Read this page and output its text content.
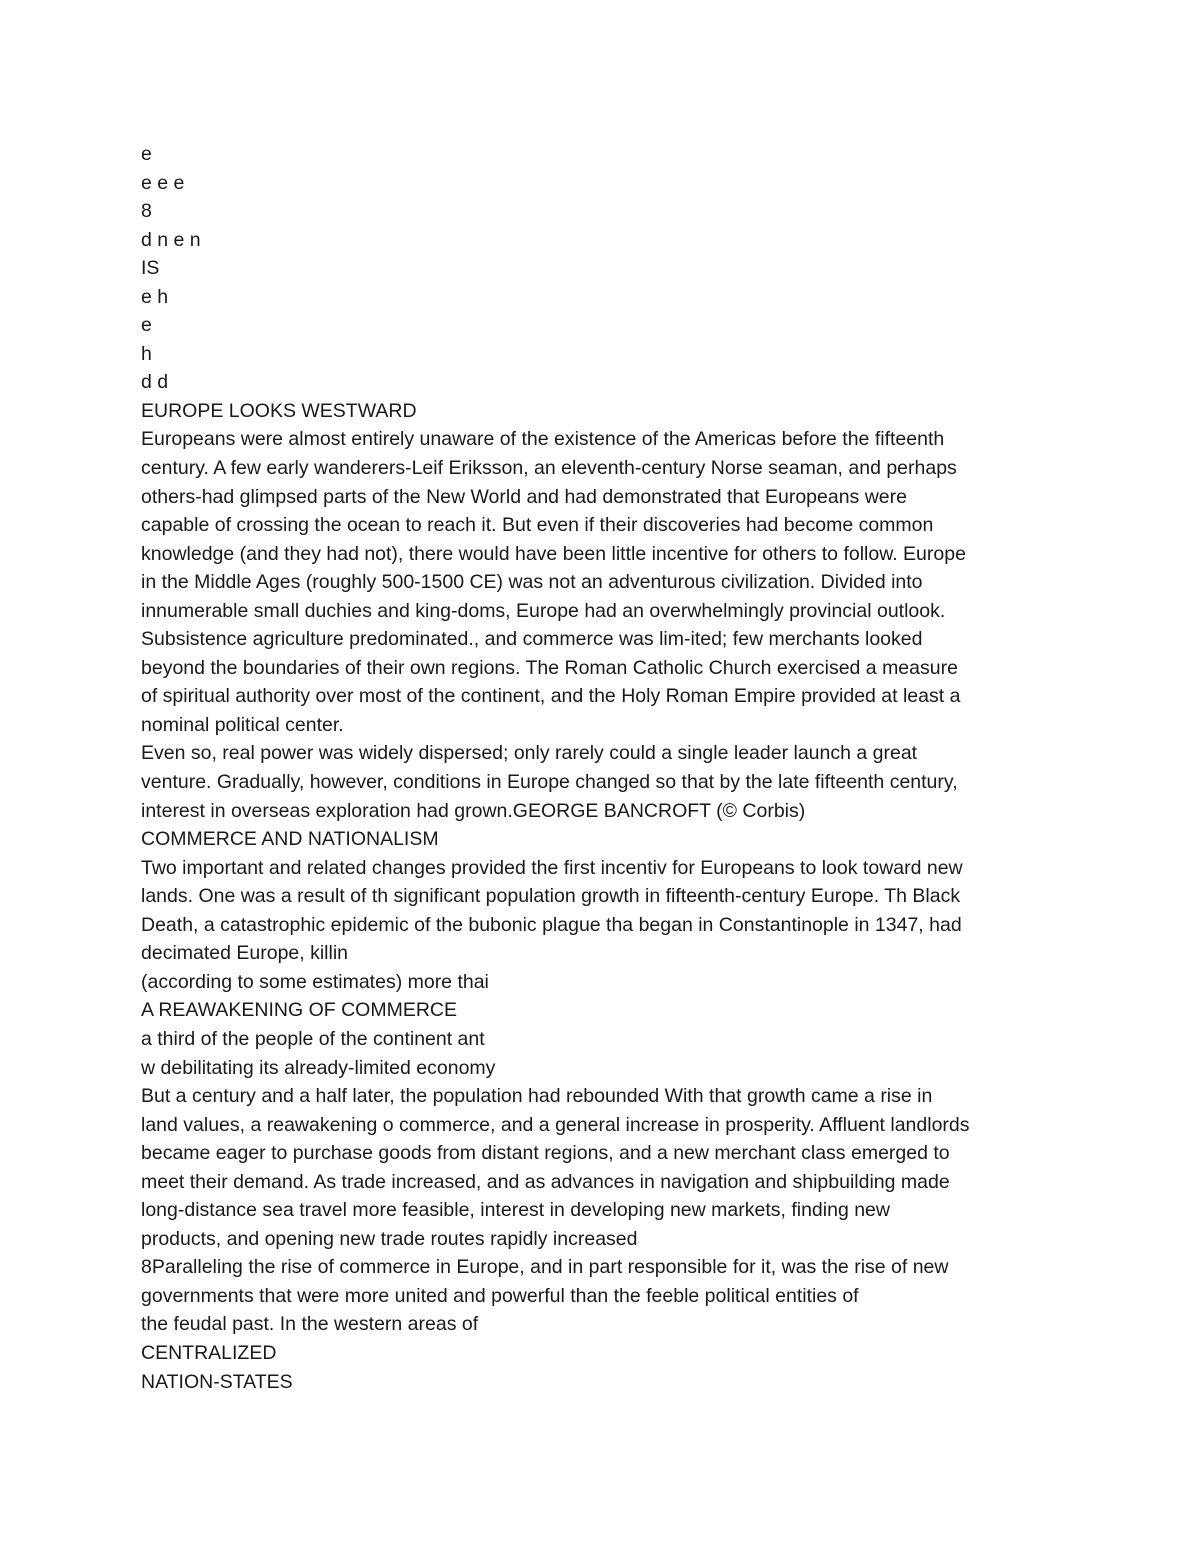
e
e e e
8
d n e n
IS
e h
e
h
d d
EUROPE LOOKS WESTWARD
Europeans were almost entirely unaware of the existence of the Americas before the fifteenth
century. A few early wanderers-Leif Eriksson, an eleventh-century Norse seaman, and perhaps
others-had glimpsed parts of the New World and had demonstrated that Europeans were
capable of crossing the ocean to reach it. But even if their discoveries had become common
knowledge (and they had not), there would have been little incentive for others to follow. Europe
in the Middle Ages (roughly 500-1500 CE) was not an adventurous civilization. Divided into
innumerable small duchies and king-doms, Europe had an overwhelmingly provincial outlook.
Subsistence agriculture predominated., and commerce was lim-ited; few merchants looked
beyond the boundaries of their own regions. The Roman Catholic Church exercised a measure
of spiritual authority over most of the continent, and the Holy Roman Empire provided at least a
nominal political center.
Even so, real power was widely dispersed; only rarely could a single leader launch a great
venture. Gradually, however, conditions in Europe changed so that by the late fifteenth century,
interest in overseas exploration had grown.GEORGE BANCROFT (© Corbis)
COMMERCE AND NATIONALISM
Two important and related changes provided the first incentiv for Europeans to look toward new
lands. One was a result of th significant population growth in fifteenth-century Europe. Th Black
Death, a catastrophic epidemic of the bubonic plague tha began in Constantinople in 1347, had
decimated Europe, killin
(according to some estimates) more thai
A REAWAKENING OF COMMERCE
a third of the people of the continent ant
w debilitating its already-limited economy
But a century and a half later, the population had rebounded With that growth came a rise in
land values, a reawakening o commerce, and a general increase in prosperity. Affluent landlords
became eager to purchase goods from distant regions, and a new merchant class emerged to
meet their demand. As trade increased, and as advances in navigation and shipbuilding made
long-distance sea travel more feasible, interest in developing new markets, finding new
products, and opening new trade routes rapidly increased
8Paralleling the rise of commerce in Europe, and in part responsible for it, was the rise of new
governments that were more united and powerful than the feeble political entities of
the feudal past. In the western areas of
CENTRALIZED
NATION-STATES
